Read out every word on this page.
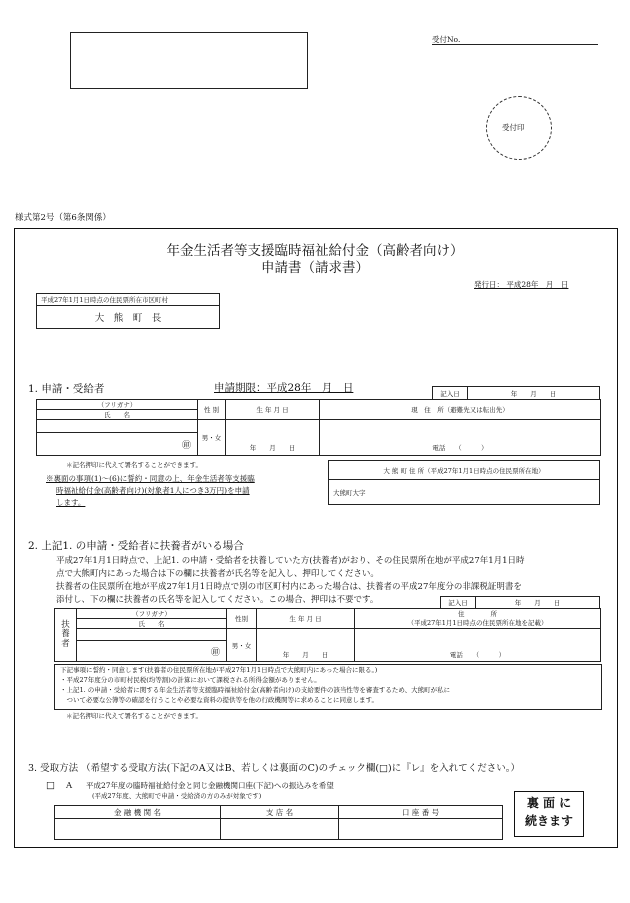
受付No.
受付印
様式第2号（第6条関係）
年金生活者等支援臨時福祉給付金（高齢者向け）
申請書（請求書）
発行日： 平成28年　月　日
平成27年1月1日時点の住民票所在市区町村
大　熊　町　長
1. 申請・受給者	申請期限：平成28年　月　日	記入日	年　　月　　日
（フリガナ）	性 別	生 年 月 日	現　住　所（避難先又は転出先）
氏　　名			
	男・女	年　　月　　日	電話　　（　　　）
㊞			
＊記名押印に代えて署名することができます。
※裏面の事項(1)～(6)に誓約・同意の上、年金生活者等支援臨
時福祉給付金(高齢者向け)(対象者1人につき3万円)を申請
します。
大 熊 町 住 所（平成27年1月1日時点の住民票所在地）
大熊町大字
2. 上記1. の申請・受給者に扶養者がいる場合
平成27年1月1日時点で、上記1. の申請・受給者を扶養していた方(扶養者)がおり、その住民票所在地が平成27年1月1日時
点で大熊町内にあった場合は下の欄に扶養者が氏名等を記入し、押印してください。
扶養者の住民票所在地が平成27年1月1日時点で別の市区町村内にあった場合は、扶養者の平成27年度分の非課税証明書を
添付し、下の欄に扶養者の氏名等を記入してください。この場合、押印は不要です。	記入日	年　　月　　日
扶養者	（フリガナ）	性別	生 年 月 日	住　　　　所
（平成27年1月1日時点の住民票所在地を記載）
	氏　　名			
		男・女	年　　月　　日	電話　　（　　　）
	㊞			
下記事項に誓約・同意します(扶養者の住民票所在地が平成27年1月1日時点で大熊町内にあった場合に限る。)
・平成27年度分の市町村民税(均等割)の計算において課税される所得金額がありません。
・上記1. の申請・受給者に関する年金生活者等支援臨時福祉給付金(高齢者向け)の支給要件の該当性等を審査するため、大熊町が私に
　ついて必要な公簿等の確認を行うことや必要な資料の提供等を他の行政機関等に求めることに同意します。
＊記名押印に代えて署名することができます。
3. 受取方法 （希望する受取方法(下記のA又はB、若しくは裏面のC)のチェック欄(□)に『レ』を入れてください。）
□ A 平成27年度の臨時福祉給付金と同じ金融機関口座(下記)への振込みを希望
(平成27年度、大熊町で申請・受給済の方のみが対象です)
金 融 機 関 名	支 店 名	口 座 番 号

裏 面 に
続きます
